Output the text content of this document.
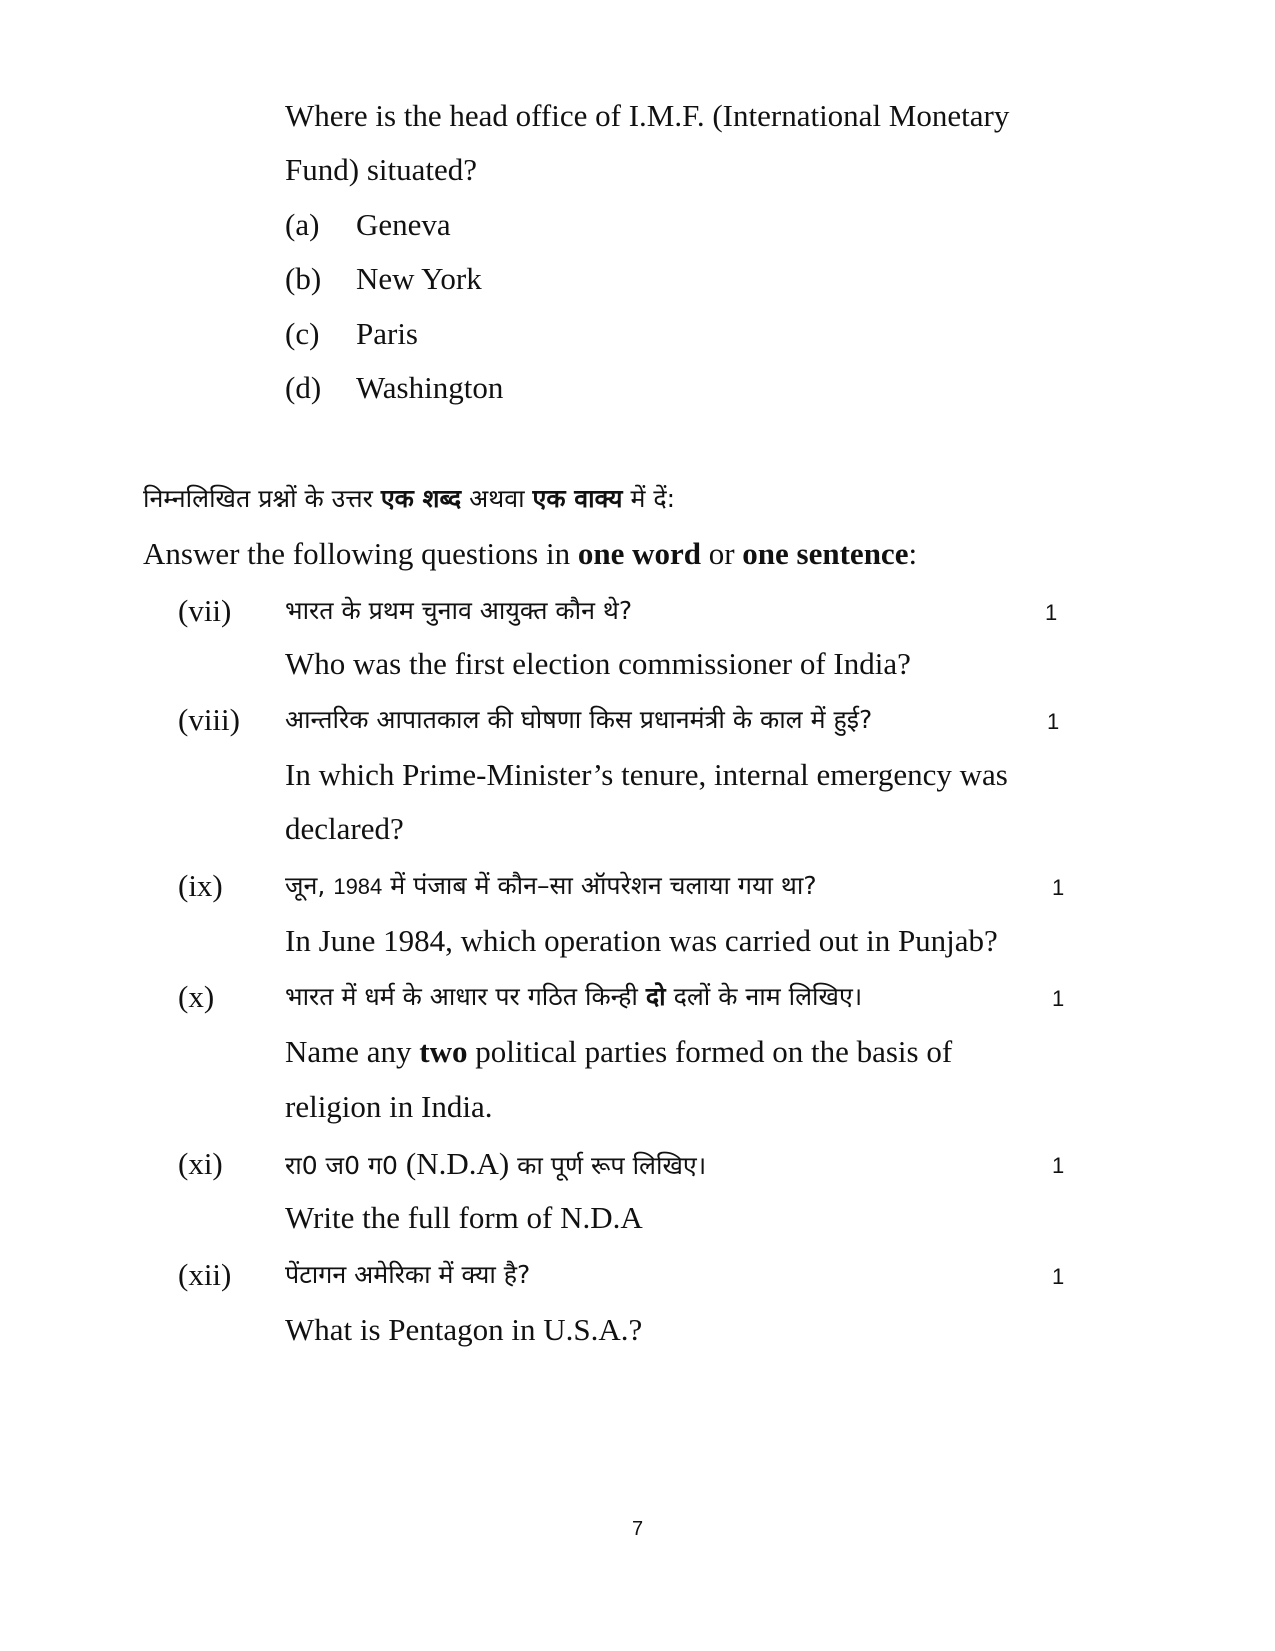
Where is the head office of I.M.F. (International Monetary
Fund) situated?
(a) Geneva
(b) New York
(c) Paris
(d) Washington
निम्नलिखित प्रश्नों के उत्तर एक शब्द अथवा एक वाक्य में दें:
Answer the following questions in one word or one sentence:
(vii) भारत के प्रथम चुनाव आयुक्त कौन थे?	1
Who was the first election commissioner of India?
(viii) आन्तरिक आपातकाल की घोषणा किस प्रधानमंत्री के काल में हुई?	1
In which Prime-Minister’s tenure, internal emergency was
declared?
(ix) जून, 1984 में पंजाब में कौन–सा ऑपरेशन चलाया गया था?	1
In June 1984, which operation was carried out in Punjab?
(x)	भारत में धर्म के आधार पर गठित किन्ही दो दलों के नाम लिखिए।	1
Name any two political parties formed on the basis of
religion in India.
(xi) रा0 ज0 ग0 (N.D.A) का पूर्ण रूप लिखिए।	1
Write the full form of N.D.A
(xii) पेंटागन अमेरिका में क्या है?	1
What is Pentagon in U.S.A.?
7
